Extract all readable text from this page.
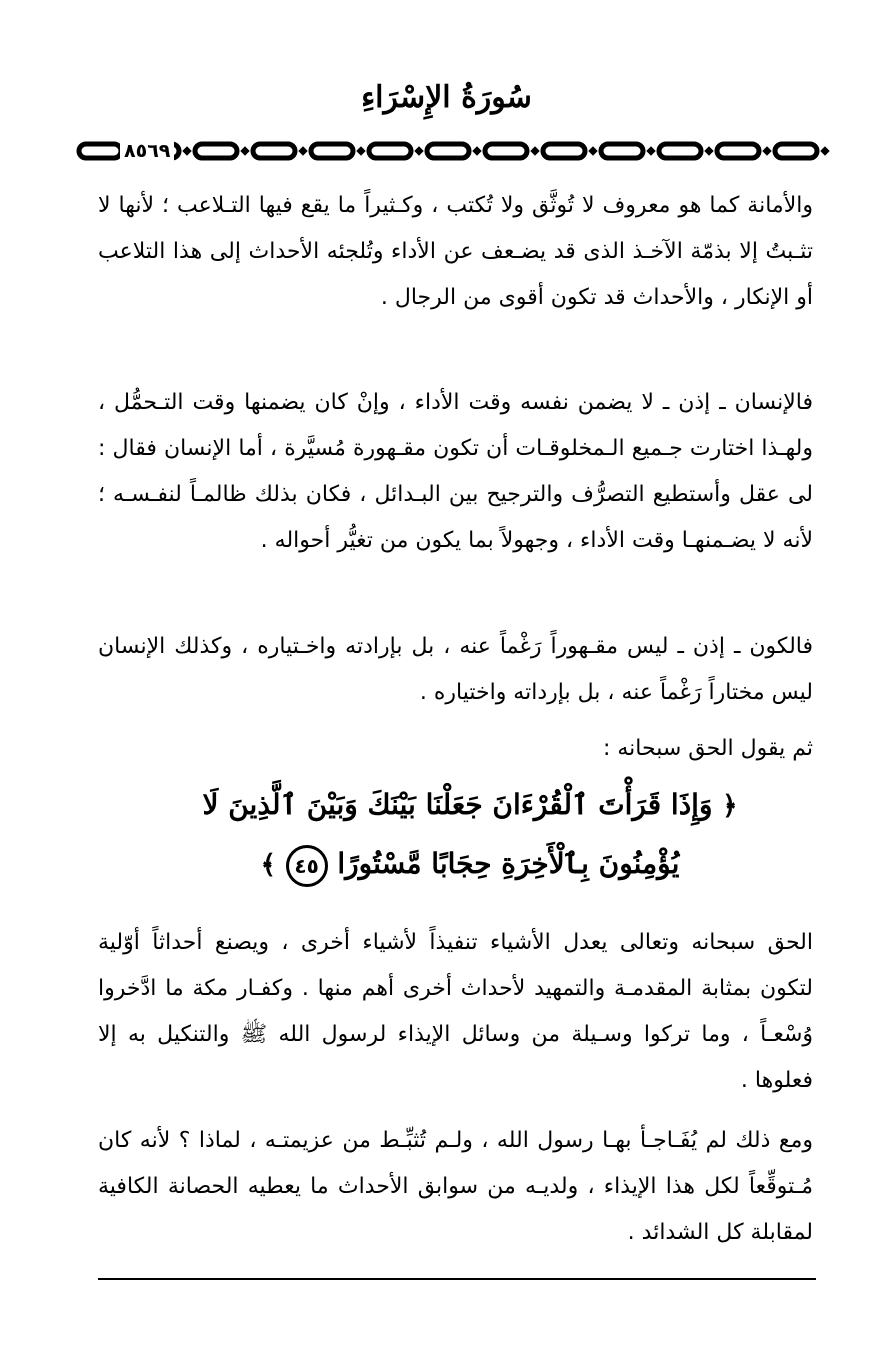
سُورَةُ الإِسْرَاءِ
٨٥٦٩

والأمانة كما هو معروف لا تُوثَّق ولا تُكتب ، وكـثيراً ما يقع فيها التـلاعب ؛ لأنها لا تثـبتُ إلا بذمّة الآخـذ الذى قد يضـعف عن الأداء وتُلجئه الأحداث إلى هذا التلاعب أو الإنكار ، والأحداث قد تكون أقوى من الرجال .

فالإنسان ـ إذن ـ لا يضمن نفسه وقت الأداء ، وإنْ كان يضمنها وقت التـحمُّل ، ولهـذا اختارت جـميع الـمخلوقـات أن تكون مقـهورة مُسيَّرة ، أما الإنسان فقال : لى عقل وأستطيع التصرُّف والترجيح بين البـدائل ، فكان بذلك ظالمـاً لنفـسـه ؛ لأنه لا يضـمنهـا وقت الأداء ، وجهولاً بما يكون من تغيُّر أحواله .

فالكون ـ إذن ـ ليس مقـهوراً رَغْماً عنه ، بل بإرادته واخـتياره ، وكذلك الإنسان ليس مختاراً رَغْماً عنه ، بل بإرداته واختياره .

ثم يقول الحق سبحانه :

﴿ وَإِذَا قَرَأْتَ ٱلْقُرْءَانَ جَعَلْنَا بَيْنَكَ وَبَيْنَ ٱلَّذِينَ لَا يُؤْمِنُونَ بِٱلْأَخِرَةِ حِجَابًا مَّسْتُورًا ٤٥ ﴾

الحق سبحانه وتعالى يعدل الأشياء تنفيذاً لأشياء أخرى ، ويصنع أحداثاً أوّلية لتكون بمثابة المقدمـة والتمهيد لأحداث أخرى أهم منها . وكفـار مكة ما ادَّخروا وُسْعـاً ، وما تركوا وسـيلة من وسائل الإيذاء لرسول الله ﷺ والتنكيل به إلا فعلوها .

ومع ذلك لم يُفَـاجـأ بهـا رسول الله ، ولـم تُثبِّـط من عزيمتـه ، لماذا ؟ لأنه كان مُـتوقِّعاً لكل هذا الإيذاء ، ولديـه من سوابق الأحداث ما يعطيه الحصانة الكافية لمقابلة كل الشدائد .
